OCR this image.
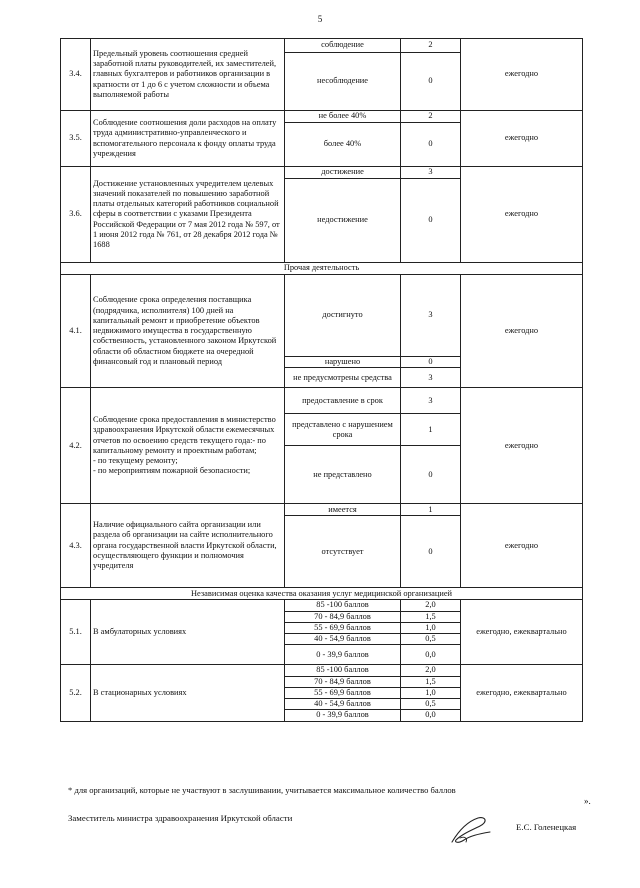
5
3.4.	Предельный уровень соотношения средней заработной платы руководителей, их заместителей, главных бухгалтеров и работников организации в кратности от 1 до 6 с учетом сложности и объема выполняемой работы	соблюдение	2	ежегодно
		несоблюдение	0	
3.5.	Соблюдение соотношения доли расходов на оплату труда административно-управленческого и вспомогательного персонала к фонду оплаты труда учреждения	не более 40%	2	ежегодно
		более 40%	0	
3.6.	Достижение установленных учредителем целевых значений показателей по повышению заработной платы отдельных категорий работников социальной сферы в соответствии с указами Президента Российской Федерации от 7 мая 2012 года № 597, от 1 июня 2012 года № 761, от 28 декабря 2012 года № 1688	достижение	3	ежегодно
		недостижение	0	
Прочая деятельность				
4.1.	Соблюдение срока определения поставщика (подрядчика, исполнителя) 100 дней на капитальный ремонт и приобретение объектов недвижимого имущества в государственную собственность, установленного законом Иркутской области об областном бюджете на очередной финансовый год и плановый период	достигнуто	3	ежегодно
		нарушено	0	
		не предусмотрены средства	3	
4.2.	Соблюдение срока предоставления в министерство здравоохранения Иркутской области ежемесячных отчетов по освоению средств текущего года:- по капитальному ремонту и проектным работам;
- по текущему ремонту;
- по мероприятиям пожарной безопасности;	предоставление в срок	3	ежегодно
		представлено с нарушением срока	1	
		не представлено	0	
4.3.	Наличие официального сайта организации или раздела об организации на сайте исполнительного органа государственной власти Иркутской области, осуществляющего функции и полномочия учредителя	имеется	1	ежегодно
		отсутствует	0	
Независимая оценка качества оказания услуг медицинской организацией				
5.1.	В амбулаторных условиях	85 -100 баллов	2,0	ежегодно, ежеквартально
		70 - 84,9 баллов	1,5	
		55 - 69,9 баллов	1,0	
		40 - 54,9 баллов	0,5	
		0 - 39,9 баллов	0,0	
5.2.	В стационарных условиях	85 -100 баллов	2,0	ежегодно, ежеквартально
		70 - 84,9 баллов	1,5	
		55 - 69,9 баллов	1,0	
		40 - 54,9 баллов	0,5	
		0 - 39,9 баллов	0,0	
* для организаций, которые не участвуют в заслушивании, учитывается максимальное количество баллов
».
Заместитель министра здравоохранения Иркутской области
Е.С. Голенецкая
